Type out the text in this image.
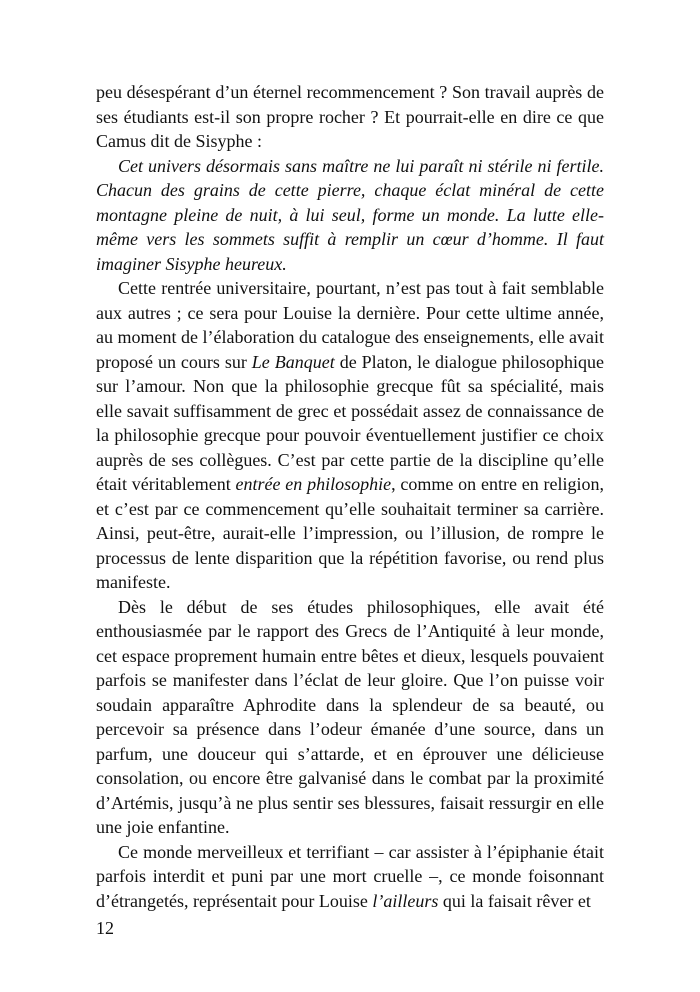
peu désespérant d’un éternel recommencement ? Son travail auprès de ses étudiants est-il son propre rocher ? Et pourrait-elle en dire ce que Camus dit de Sisyphe :

Cet univers désormais sans maître ne lui paraît ni stérile ni fertile. Chacun des grains de cette pierre, chaque éclat minéral de cette montagne pleine de nuit, à lui seul, forme un monde. La lutte elle-même vers les sommets suffit à remplir un cœur d’homme. Il faut imaginer Sisyphe heureux.

Cette rentrée universitaire, pourtant, n’est pas tout à fait semblable aux autres ; ce sera pour Louise la dernière. Pour cette ultime année, au moment de l’élaboration du catalogue des enseignements, elle avait proposé un cours sur Le Banquet de Platon, le dialogue philosophique sur l’amour. Non que la philosophie grecque fût sa spécialité, mais elle savait suffisamment de grec et possédait assez de connaissance de la philosophie grecque pour pouvoir éventuellement justifier ce choix auprès de ses collègues. C’est par cette partie de la discipline qu’elle était véritablement entrée en philosophie, comme on entre en religion, et c’est par ce commencement qu’elle souhaitait terminer sa carrière. Ainsi, peut-être, aurait-elle l’impression, ou l’illusion, de rompre le processus de lente disparition que la répétition favorise, ou rend plus manifeste.

Dès le début de ses études philosophiques, elle avait été enthousiasmée par le rapport des Grecs de l’Antiquité à leur monde, cet espace proprement humain entre bêtes et dieux, lesquels pouvaient parfois se manifester dans l’éclat de leur gloire. Que l’on puisse voir soudain apparaître Aphrodite dans la splendeur de sa beauté, ou percevoir sa présence dans l’odeur émanée d’une source, dans un parfum, une douceur qui s’attarde, et en éprouver une délicieuse consolation, ou encore être galvanisé dans le combat par la proximité d’Artémis, jusqu’à ne plus sentir ses blessures, faisait ressurgir en elle une joie enfantine.

Ce monde merveilleux et terrifiant – car assister à l’épiphanie était parfois interdit et puni par une mort cruelle –, ce monde foisonnant d’étrangetés, représentait pour Louise l’ailleurs qui la faisait rêver et

12
